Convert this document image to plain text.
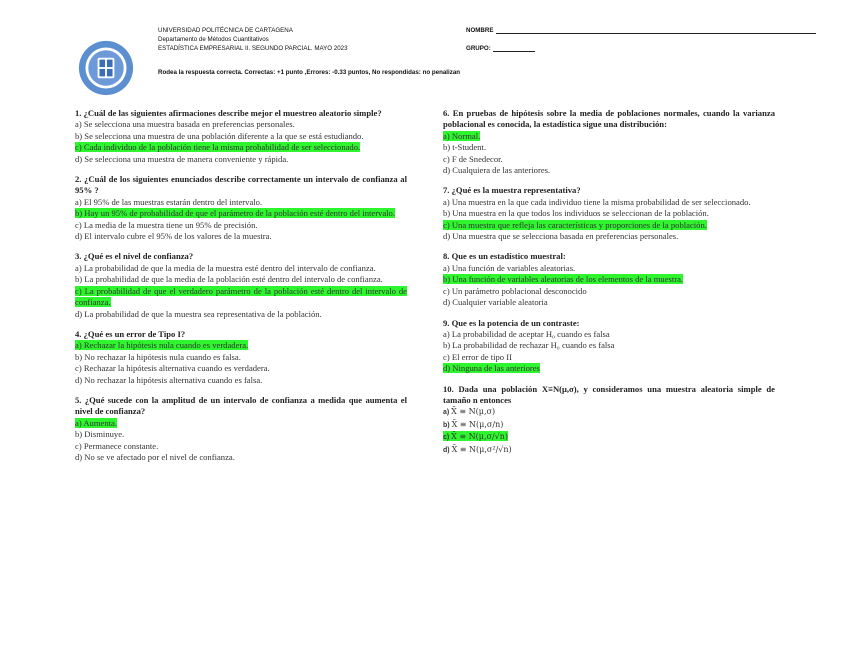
UNIVERSIDAD POLITÉCNICA DE CARTAGENA
Departamento de Métodos Cuantitativos
ESTADÍSTICA EMPRESARIAL II. SEGUNDO PARCIAL. MAYO 2023
NOMBRE
GRUPO:
Rodea la respuesta correcta. Correctas: +1 punto ,Errores: -0.33 puntos, No respondidas: no penalizan
1. ¿Cuál de las siguientes afirmaciones describe mejor el muestreo aleatorio simple?
a) Se selecciona una muestra basada en preferencias personales.
b) Se selecciona una muestra de una población diferente a la que se está estudiando.
c) Cada individuo de la población tiene la misma probabilidad de ser seleccionado.
d) Se selecciona una muestra de manera conveniente y rápida.
2. ¿Cuál de los siguientes enunciados describe correctamente un intervalo de confianza al 95% ?
a) El 95% de las muestras estarán dentro del intervalo.
b) Hay un 95% de probabilidad de que el parámetro de la población esté dentro del intervalo.
c) La media de la muestra tiene un 95% de precisión.
d) El intervalo cubre el 95% de los valores de la muestra.
3. ¿Qué es el nivel de confianza?
a) La probabilidad de que la media de la muestra esté dentro del intervalo de confianza.
b) La probabilidad de que la media de la población esté dentro del intervalo de confianza.
c) La probabilidad de que el verdadero parámetro de la población esté dentro del intervalo de confianza.
d) La probabilidad de que la muestra sea representativa de la población.
4. ¿Qué es un error de Tipo I?
a) Rechazar la hipótesis nula cuando es verdadera.
b) No rechazar la hipótesis nula cuando es falsa.
c) Rechazar la hipótesis alternativa cuando es verdadera.
d) No rechazar la hipótesis alternativa cuando es falsa.
5. ¿Qué sucede con la amplitud de un intervalo de confianza a medida que aumenta el nivel de confianza?
a) Aumenta.
b) Disminuye.
c) Permanece constante.
d) No se ve afectado por el nivel de confianza.
6. En pruebas de hipótesis sobre la media de poblaciones normales, cuando la varianza poblacional es conocida, la estadística sigue una distribución:
a) Normal.
b) t-Student.
c) F de Snedecor.
d) Cualquiera de las anteriores.
7. ¿Qué es la muestra representativa?
a) Una muestra en la que cada individuo tiene la misma probabilidad de ser seleccionado.
b) Una muestra en la que todos los individuos se seleccionan de la población.
c) Una muestra que refleja las características y proporciones de la población.
d) Una muestra que se selecciona basada en preferencias personales.
8. Que es un estadístico muestral:
a) Una función de variables aleatorias.
b) Una función de variables aleatorias de los elementos de la muestra.
c) Un parámetro poblacional desconocido
d) Cualquier variable aleatoria
9. Que es la potencia de un contraste:
a) La probabilidad de aceptar H₀ cuando es falsa
b) La probabilidad de rechazar H₀ cuando es falsa
c) El error de tipo II
d) Ninguna de las anteriores
10. Dada una población X≡N(μ,σ), y consideramos una muestra aleatoria simple de tamaño n entonces
a) X̄ ≡ N(μ,σ)
b) X̄ ≡ N(μ,σ/n)
c) X̄ ≡ N(μ,σ/√n)
d) X̄ ≡ N(μ,σ²/√n)
